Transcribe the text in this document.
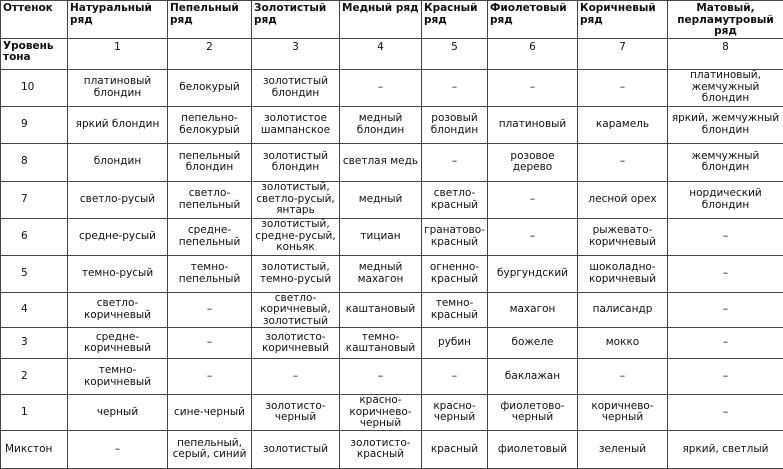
Оттенок	Натуральный ряд	Пепельный ряд	Золотистый ряд	Медный ряд	Красный ряд	Фиолетовый ряд	Коричневый ряд	Матовый, перламутровый ряд
Уровень тона	1	2	3	4	5	6	7	8
10	платиновый блондин	белокурый	золотистый блондин	–	–	–	–	платиновый, жемчужный блондин
9	яркий блондин	пепельно-белокурый	золотистое шампанское	медный блондин	розовый блондин	платиновый	карамель	яркий, жемчужный блондин
8	блондин	пепельный блондин	золотистый блондин	светлая медь	–	розовое дерево	–	жемчужный блондин
7	светло-русый	светло-пепельный	золотистый, светло-русый, янтарь	медный	светло-красный	–	лесной орех	нордический блондин
6	средне-русый	средне-пепельный	золотистый, средне-русый, коньяк	тициан	гранатово-красный	–	рыжевато-коричневый	–
5	темно-русый	темно-пепельный	золотистый, темно-русый	медный махагон	огненно-красный	бургундский	шоколадно-коричневый	–
4	светло-коричневый	–	светло-коричневый, золотистый	каштановый	темно-красный	махагон	палисандр	–
3	средне-коричневый	–	золотисто-коричневый	темно-каштановый	рубин	божеле	мокко	–
2	темно-коричневый	–	–	–	–	баклажан	–	–
1	черный	сине-черный	золотисто-черный	красно-коричнево-черный	красно-черный	фиолетово-черный	коричнево-черный	–
Микстон	–	пепельный, серый, синий	золотистый	золотисто-красный	красный	фиолетовый	зеленый	яркий, светлый
